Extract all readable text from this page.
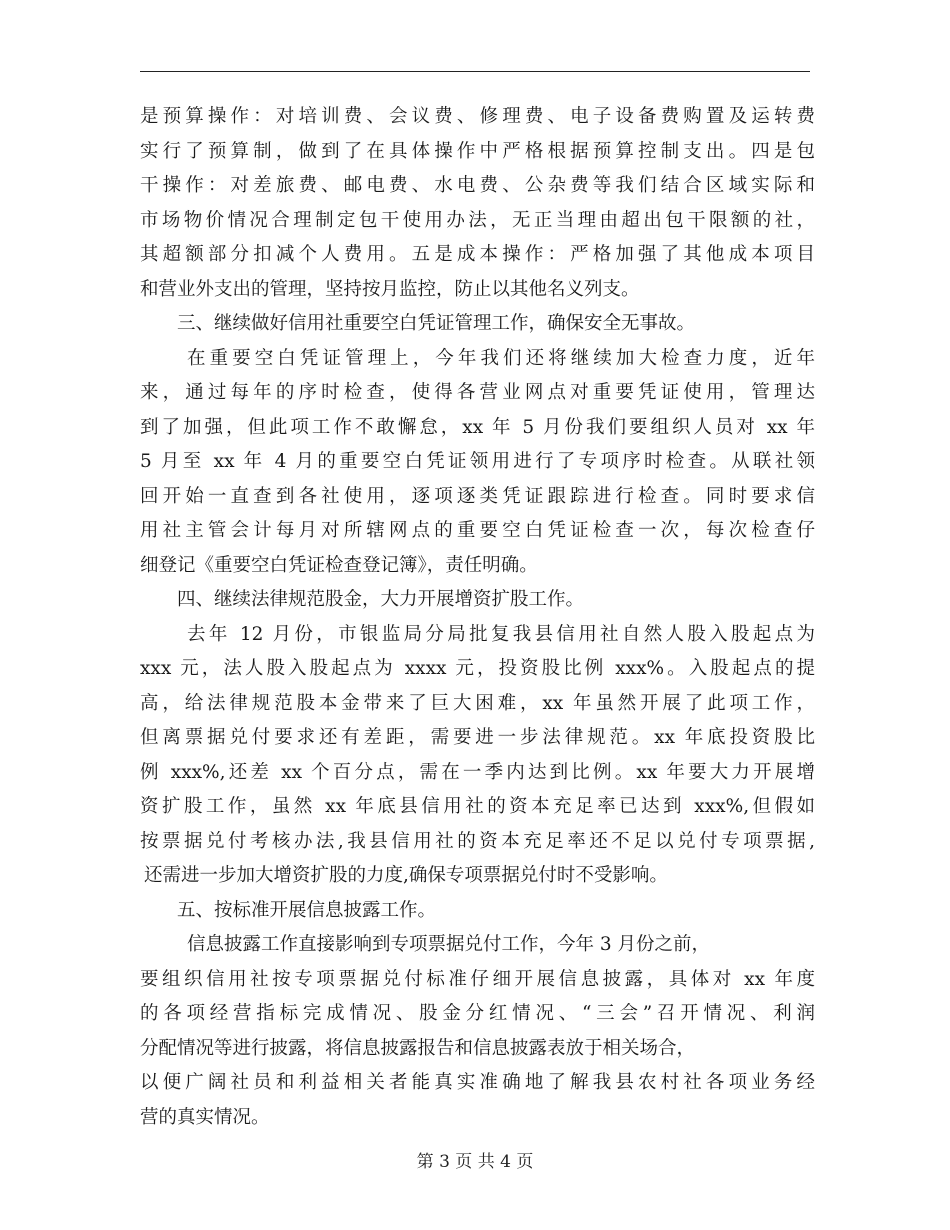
是预算操作：对培训费、会议费、修理费、电子设备费购置及运转费
实行了预算制，做到了在具体操作中严格根据预算控制支出。四是包
干操作：对差旅费、邮电费、水电费、公杂费等我们结合区域实际和
市场物价情况合理制定包干使用办法，无正当理由超出包干限额的社，
其超额部分扣减个人费用。五是成本操作：严格加强了其他成本项目
和营业外支出的管理，坚持按月监控，防止以其他名义列支。
三、继续做好信用社重要空白凭证管理工作，确保安全无事故。
在重要空白凭证管理上，今年我们还将继续加大检查力度，近年
来，通过每年的序时检查，使得各营业网点对重要凭证使用，管理达
到了加强，但此项工作不敢懈怠，xx 年 5 月份我们要组织人员对 xx 年
5 月至 xx 年 4 月的重要空白凭证领用进行了专项序时检查。从联社领
回开始一直查到各社使用，逐项逐类凭证跟踪进行检查。同时要求信
用社主管会计每月对所辖网点的重要空白凭证检查一次，每次检查仔
细登记《重要空白凭证检查登记簿》，责任明确。
四、继续法律规范股金，大力开展增资扩股工作。
去年 12 月份，市银监局分局批复我县信用社自然人股入股起点为
xxx 元，法人股入股起点为 xxxx 元，投资股比例 xxx%。入股起点的提
高，给法律规范股本金带来了巨大困难，xx 年虽然开展了此项工作，
但离票据兑付要求还有差距，需要进一步法律规范。xx 年底投资股比
例 xxx%,还差 xx 个百分点，需在一季内达到比例。xx 年要大力开展增
资扩股工作，虽然 xx 年底县信用社的资本充足率已达到 xxx%,但假如
按票据兑付考核办法,我县信用社的资本充足率还不足以兑付专项票据,
还需进一步加大增资扩股的力度,确保专项票据兑付时不受影响。
五、按标准开展信息披露工作。
信息披露工作直接影响到专项票据兑付工作，今年 3 月份之前，
要组织信用社按专项票据兑付标准仔细开展信息披露，具体对 xx 年度
的各项经营指标完成情况、股金分红情况、“三会”召开情况、利润
分配情况等进行披露，将信息披露报告和信息披露表放于相关场合，
以便广阔社员和利益相关者能真实准确地了解我县农村社各项业务经
营的真实情况。
第 3 页 共 4 页
